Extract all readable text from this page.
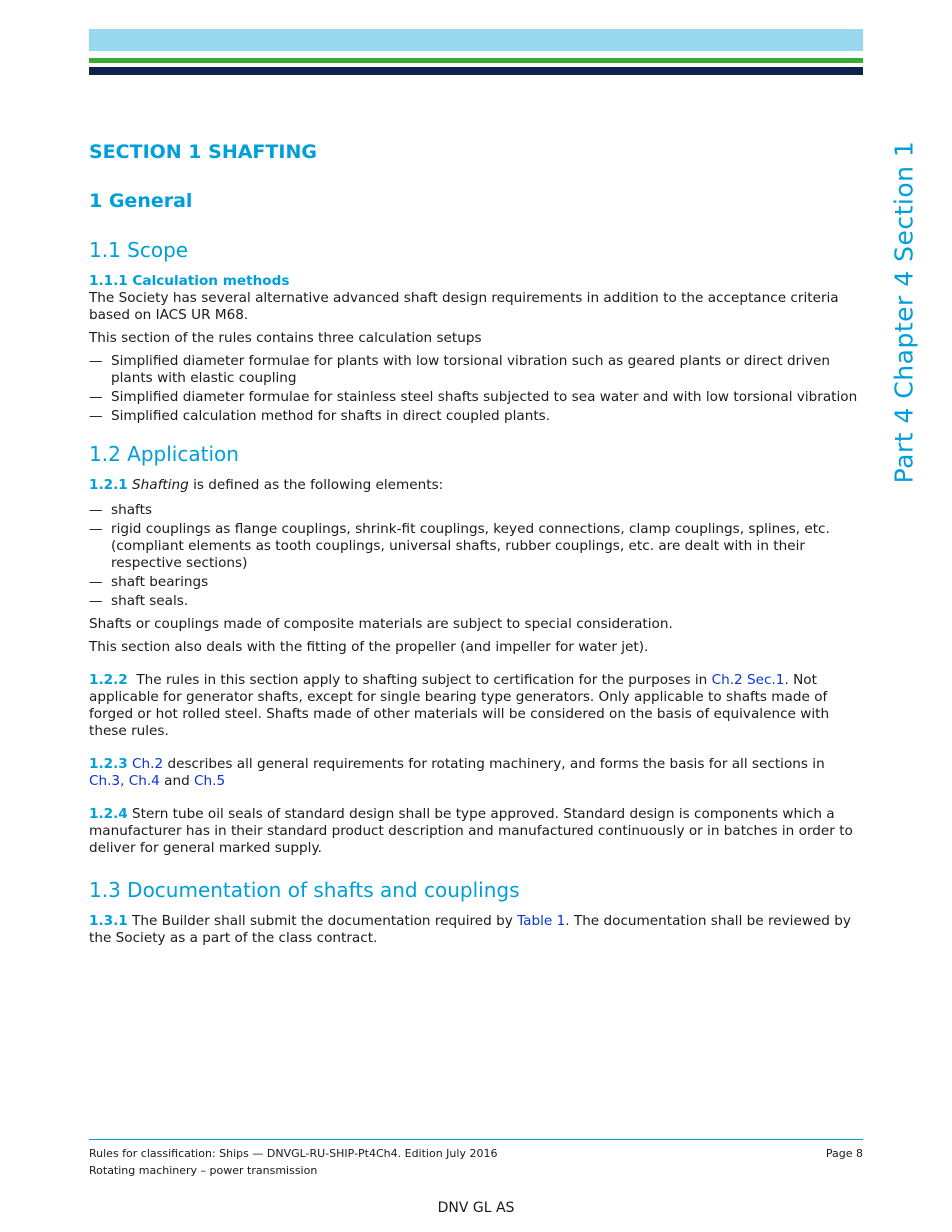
Part 4 Chapter 4 Section 1
SECTION 1 SHAFTING
1 General
1.1 Scope
1.1.1 Calculation methods

The Society has several alternative advanced shaft design requirements in addition to the acceptance criteria based on IACS UR M68.

This section of the rules contains three calculation setups

— Simplified diameter formulae for plants with low torsional vibration such as geared plants or direct driven plants with elastic coupling
— Simplified diameter formulae for stainless steel shafts subjected to sea water and with low torsional vibration
— Simplified calculation method for shafts in direct coupled plants.
1.2 Application

1.2.1 Shafting is defined as the following elements:

— shafts
— rigid couplings as flange couplings, shrink-fit couplings, keyed connections, clamp couplings, splines, etc. (compliant elements as tooth couplings, universal shafts, rubber couplings, etc. are dealt with in their respective sections)
— shaft bearings
— shaft seals.

Shafts or couplings made of composite materials are subject to special consideration.

This section also deals with the fitting of the propeller (and impeller for water jet).

1.2.2  The rules in this section apply to shafting subject to certification for the purposes in Ch.2 Sec.1. Not applicable for generator shafts, except for single bearing type generators. Only applicable to shafts made of forged or hot rolled steel. Shafts made of other materials will be considered on the basis of equivalence with these rules.

1.2.3 Ch.2 describes all general requirements for rotating machinery, and forms the basis for all sections in Ch.3, Ch.4 and Ch.5

1.2.4 Stern tube oil seals of standard design shall be type approved. Standard design is components which a manufacturer has in their standard product description and manufactured continuously or in batches in order to deliver for general marked supply.

1.3 Documentation of shafts and couplings

1.3.1 The Builder shall submit the documentation required by Table 1. The documentation shall be reviewed by the Society as a part of the class contract.

Rules for classification: Ships — DNVGL-RU-SHIP-Pt4Ch4. Edition July 2016
Rotating machinery – power transmission
Page 8
DNV GL AS
